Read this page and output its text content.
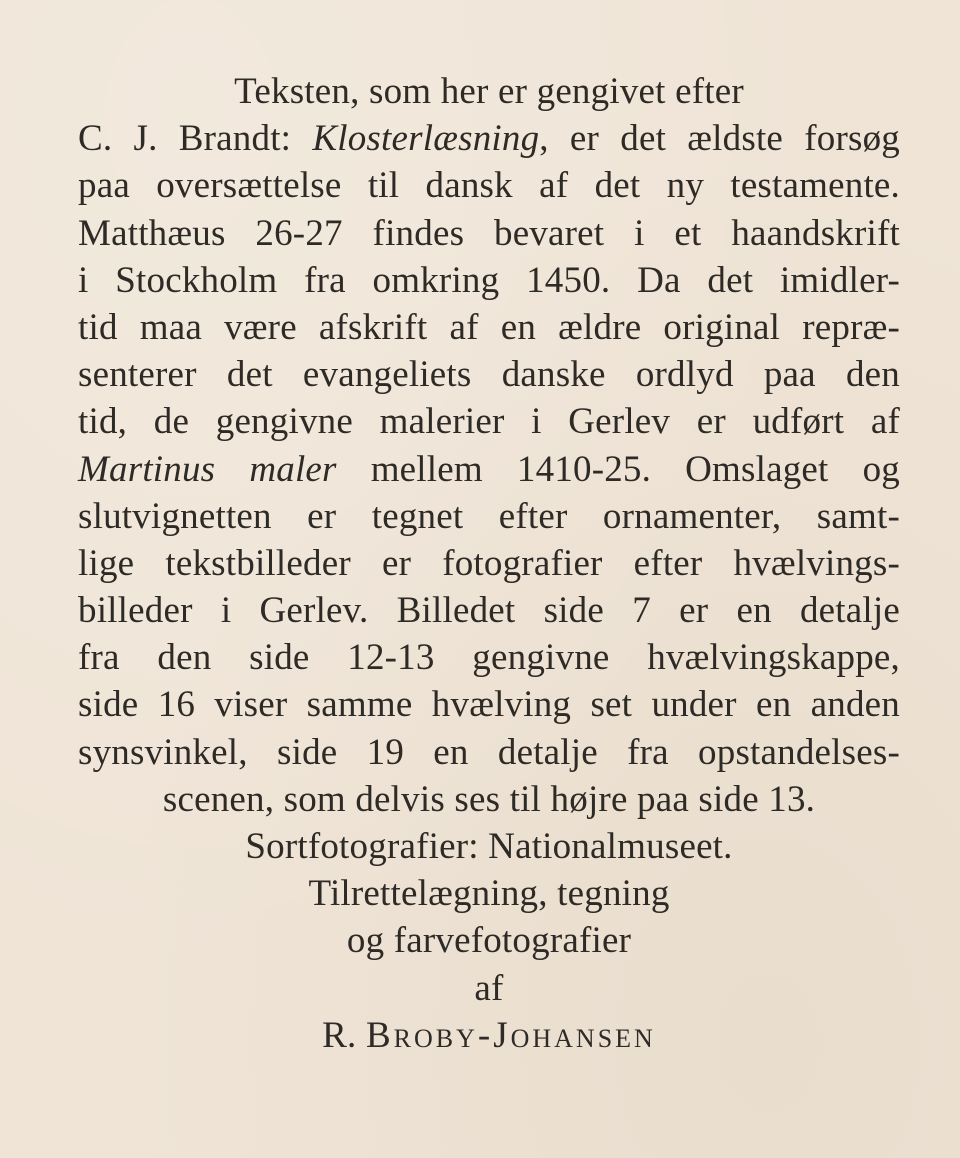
Teksten, som her er gengivet efter
C. J. Brandt: Klosterlæsning, er det ældste forsøg
paa oversættelse til dansk af det ny testamente.
Matthæus 26-27 findes bevaret i et haandskrift
i Stockholm fra omkring 1450. Da det imidler-
tid maa være afskrift af en ældre original repræ-
senterer det evangeliets danske ordlyd paa den
tid, de gengivne malerier i Gerlev er udført af
Martinus maler mellem 1410-25. Omslaget og
slutvignetten er tegnet efter ornamenter, samt-
lige tekstbilleder er fotografier efter hvælvings-
billeder i Gerlev. Billedet side 7 er en detalje
fra den side 12-13 gengivne hvælvingskappe,
side 16 viser samme hvælving set under en anden
synsvinkel, side 19 en detalje fra opstandelses-
scenen, som delvis ses til højre paa side 13.
Sortfotografier: Nationalmuseet.
Tilrettelægning, tegning
og farvefotografier
af
R. Broby-Johansen
